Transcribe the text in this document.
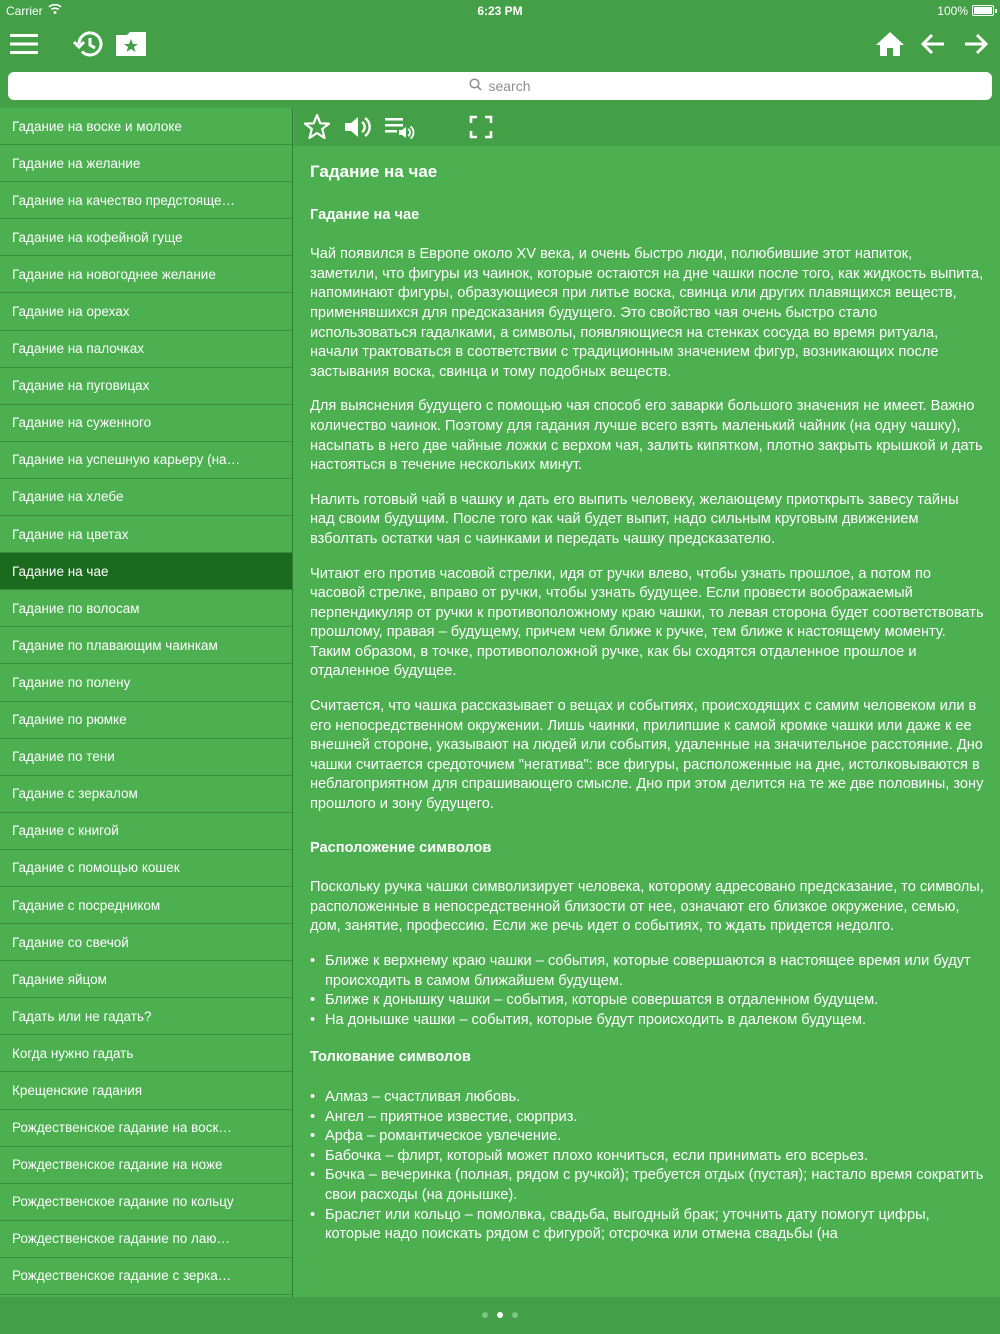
Carrier	6:23 PM	100%
search
Гадание на воске и молоке
Гадание на желание
Гадание на качество предстояще…
Гадание на кофейной гуще
Гадание на новогоднее желание
Гадание на орехах
Гадание на палочках
Гадание на пуговицах
Гадание на суженного
Гадание на успешную карьеру (на…
Гадание на хлебе
Гадание на цветах
Гадание на чае
Гадание по волосам
Гадание по плавающим чаинкам
Гадание по полену
Гадание по рюмке
Гадание по тени
Гадание с зеркалом
Гадание с книгой
Гадание с помощью кошек
Гадание с посредником
Гадание со свечой
Гадание яйцом
Гадать или не гадать?
Когда нужно гадать
Крещенские гадания
Рождественское гадание на воск…
Рождественское гадание на ноже
Рождественское гадание по кольцу
Рождественское гадание по лаю…
Рождественское гадание с зерка…
Гадание на чае
Гадание на чае

Чай появился в Европе около XV века, и очень быстро люди, полюбившие этот напиток, заметили, что фигуры из чаинок, которые остаются на дне чашки после того, как жидкость выпита, напоминают фигуры, образующиеся при литье воска, свинца или других плавящихся веществ, применявшихся для предсказания будущего. Это свойство чая очень быстро стало использоваться гадалками, а символы, появляющиеся на стенках сосуда во время ритуала, начали трактоваться в соответствии с традиционным значением фигур, возникающих после застывания воска, свинца и тому подобных веществ.

Для выяснения будущего с помощью чая способ его заварки большого значения не имеет. Важно количество чаинок. Поэтому для гадания лучше всего взять маленький чайник (на одну чашку), насыпать в него две чайные ложки с верхом чая, залить кипятком, плотно закрыть крышкой и дать настояться в течение нескольких минут.

Налить готовый чай в чашку и дать его выпить человеку, желающему приоткрыть завесу тайны над своим будущим. После того как чай будет выпит, надо сильным круговым движением взболтать остатки чая с чаинками и передать чашку предсказателю.

Читают его против часовой стрелки, идя от ручки влево, чтобы узнать прошлое, а потом по часовой стрелке, вправо от ручки, чтобы узнать будущее. Если провести воображаемый перпендикуляр от ручки к противоположному краю чашки, то левая сторона будет соответствовать прошлому, правая – будущему, причем чем ближе к ручке, тем ближе к настоящему моменту. Таким образом, в точке, противоположной ручке, как бы сходятся отдаленное прошлое и отдаленное будущее.

Считается, что чашка рассказывает о вещах и событиях, происходящих с самим человеком или в его непосредственном окружении. Лишь чаинки, прилипшие к самой кромке чашки или даже к ее внешней стороне, указывают на людей или события, удаленные на значительное расстояние. Дно чашки считается средоточием "негатива": все фигуры, расположенные на дне, истолковываются в неблагоприятном для спрашивающего смысле. Дно при этом делится на те же две половины, зону прошлого и зону будущего.

Расположение символов

Поскольку ручка чашки символизирует человека, которому адресовано предсказание, то символы, расположенные в непосредственной близости от нее, означают его близкое окружение, семью, дом, занятие, профессию. Если же речь идет о событиях, то ждать придется недолго.

• Ближе к верхнему краю чашки – события, которые совершаются в настоящее время или будут происходить в самом ближайшем будущем.
• Ближе к донышку чашки – события, которые совершатся в отдаленном будущем.
• На донышке чашки – события, которые будут происходить в далеком будущем.
Толкование символов
• Алмаз – счастливая любовь.
• Ангел – приятное известие, сюрприз.
• Арфа – романтическое увлечение.
• Бабочка – флирт, который может плохо кончиться, если принимать его всерьез.
• Бочка – вечеринка (полная, рядом с ручкой); требуется отдых (пустая); настало время сократить свои расходы (на донышке).
• Браслет или кольцо – помолвка, свадьба, выгодный брак; уточнить дату помогут цифры, которые надо поискать рядом с фигурой; отсрочка или отмена свадьбы (на
